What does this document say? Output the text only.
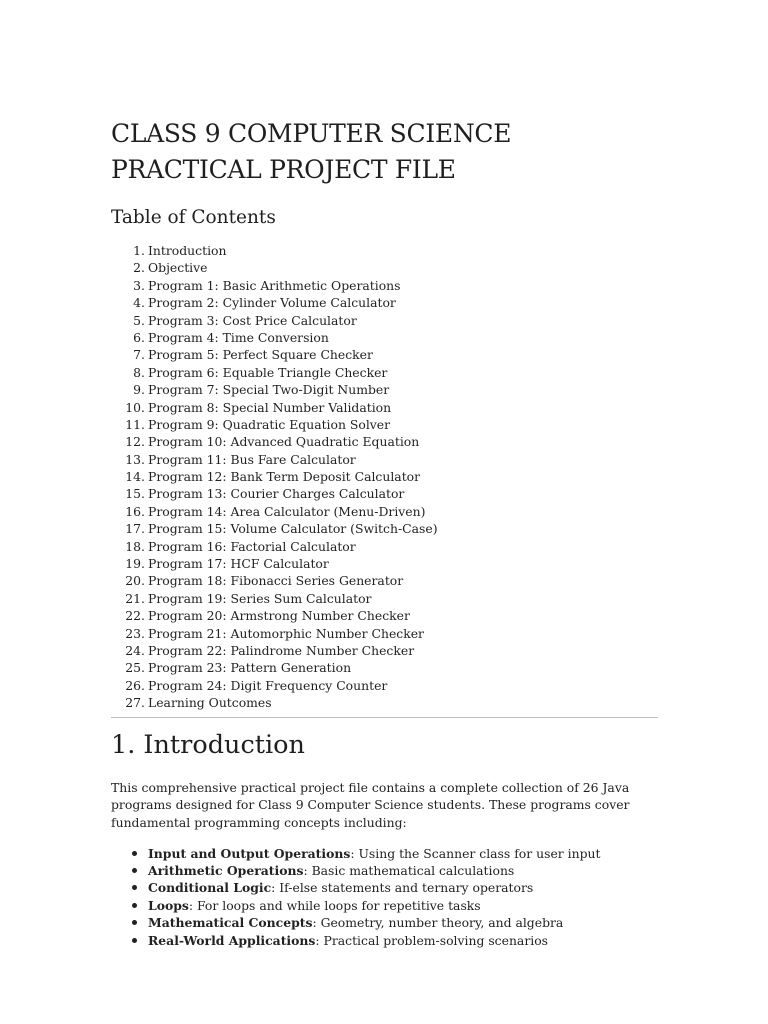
CLASS 9 COMPUTER SCIENCE PRACTICAL PROJECT FILE
Table of Contents
1. Introduction
2. Objective
3. Program 1: Basic Arithmetic Operations
4. Program 2: Cylinder Volume Calculator
5. Program 3: Cost Price Calculator
6. Program 4: Time Conversion
7. Program 5: Perfect Square Checker
8. Program 6: Equable Triangle Checker
9. Program 7: Special Two-Digit Number
10. Program 8: Special Number Validation
11. Program 9: Quadratic Equation Solver
12. Program 10: Advanced Quadratic Equation
13. Program 11: Bus Fare Calculator
14. Program 12: Bank Term Deposit Calculator
15. Program 13: Courier Charges Calculator
16. Program 14: Area Calculator (Menu-Driven)
17. Program 15: Volume Calculator (Switch-Case)
18. Program 16: Factorial Calculator
19. Program 17: HCF Calculator
20. Program 18: Fibonacci Series Generator
21. Program 19: Series Sum Calculator
22. Program 20: Armstrong Number Checker
23. Program 21: Automorphic Number Checker
24. Program 22: Palindrome Number Checker
25. Program 23: Pattern Generation
26. Program 24: Digit Frequency Counter
27. Learning Outcomes
1. Introduction

This comprehensive practical project file contains a complete collection of 26 Java programs designed for Class 9 Computer Science students. These programs cover fundamental programming concepts including:

Input and Output Operations: Using the Scanner class for user input
Arithmetic Operations: Basic mathematical calculations
Conditional Logic: If-else statements and ternary operators
Loops: For loops and while loops for repetitive tasks
Mathematical Concepts: Geometry, number theory, and algebra
Real-World Applications: Practical problem-solving scenarios
